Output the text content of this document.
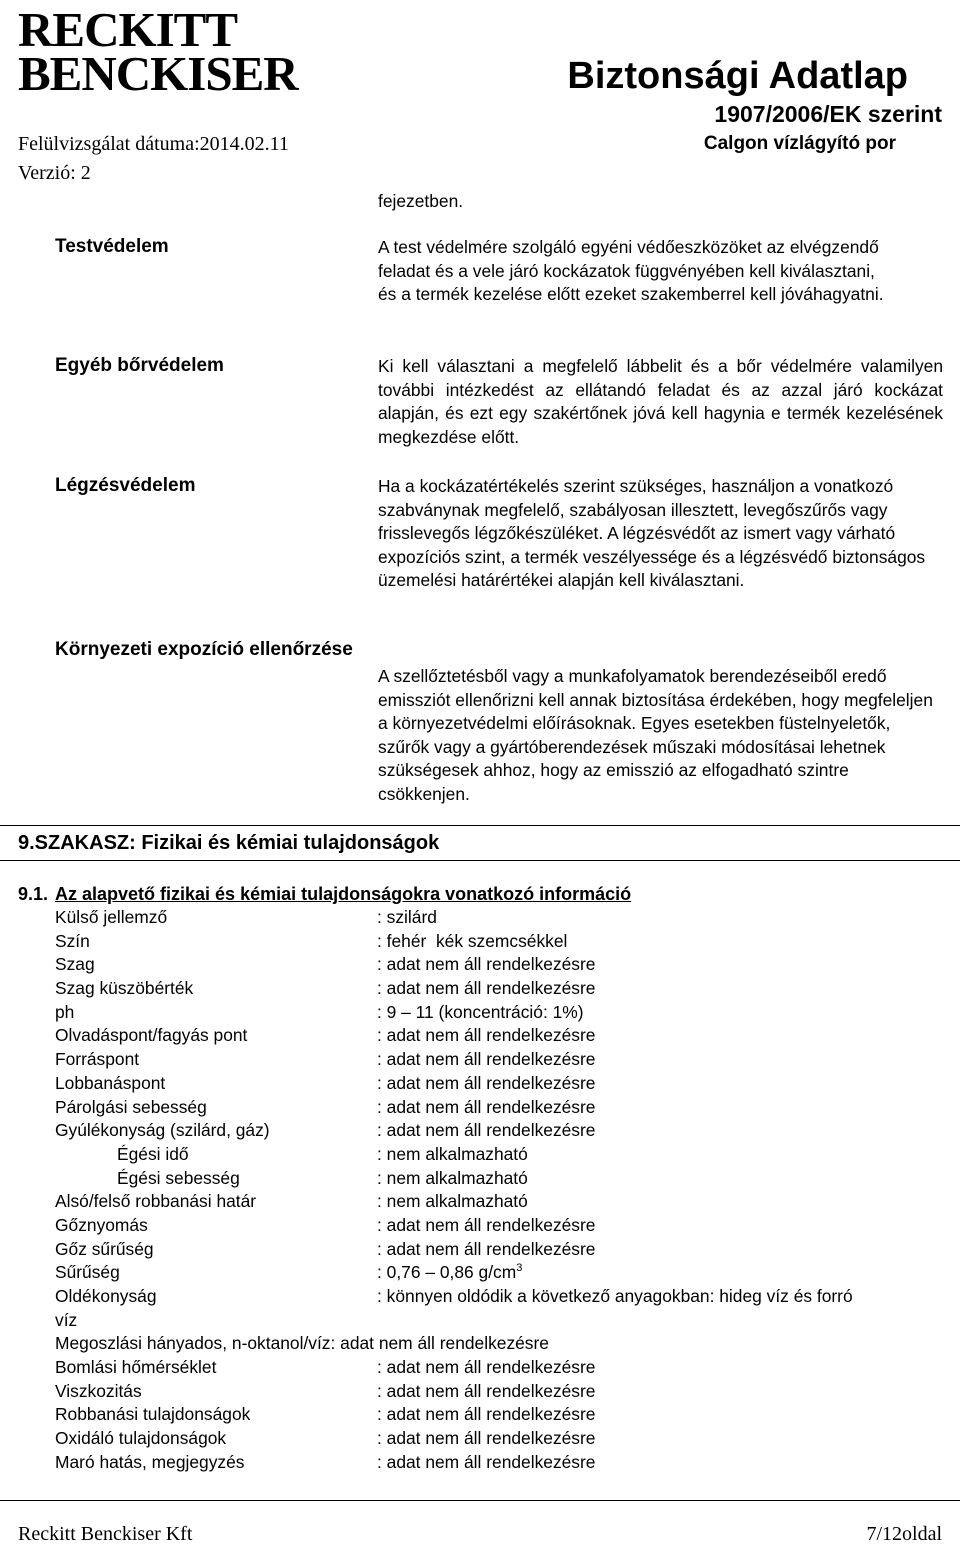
RECKITT
BENCKISER	Biztonsági Adatlap
1907/2006/EK szerint
Calgon vízlágyító por
Felülvizsgálat dátuma:2014.02.11
Verzió: 2
fejezetben.
Testvédelem	A test védelmére szolgáló egyéni védőeszközöket az elvégzendő feladat és a vele járó kockázatok függvényében kell kiválasztani, és a termék kezelése előtt ezeket szakemberrel kell jóváhagyatni.
Egyéb bőrvédelem	Ki kell választani a megfelelő lábbelit és a bőr védelmére valamilyen további intézkedést az ellátandó feladat és az azzal járó kockázat alapján, és ezt egy szakértőnek jóvá kell hagynia e termék kezelésének megkezdése előtt.
Légzésvédelem	Ha a kockázatértékelés szerint szükséges, használjon a vonatkozó szabványnak megfelelő, szabályosan illesztett, levegőszűrős vagy frisslevegős légzőkészüléket. A légzésvédőt az ismert vagy várható expozíciós szint, a termék veszélyessége és a légzésvédő biztonságos üzemelési határértékei alapján kell kiválasztani.
Környezeti expozíció ellenőrzése
A szellőztetésből vagy a munkafolyamatok berendezéseiből eredő emissziót ellenőrizni kell annak biztosítása érdekében, hogy megfeleljen a környezetvédelmi előírásoknak. Egyes esetekben füstelnyeletők, szűrők vagy a gyártóberendezések műszaki módosításai lehetnek szükségesek ahhoz, hogy az emisszió az elfogadható szintre csökkenjen.
9.SZAKASZ: Fizikai és kémiai tulajdonságok
9.1. Az alapvető fizikai és kémiai tulajdonságokra vonatkozó információ
Külső jellemző	: szilárd
Szín	: fehér  kék szemcsékkel
Szag	: adat nem áll rendelkezésre
Szag küszöbérték	: adat nem áll rendelkezésre
ph	: 9 – 11 (koncentráció: 1%)
Olvadáspont/fagyás pont	: adat nem áll rendelkezésre
Forráspont	: adat nem áll rendelkezésre
Lobbanáspont	: adat nem áll rendelkezésre
Párolgási sebesség	: adat nem áll rendelkezésre
Gyúlékonyság (szilárd, gáz)	: adat nem áll rendelkezésre
Égési idő	: nem alkalmazható
Égési sebesség	: nem alkalmazható
Alsó/felső robbanási határ	: nem alkalmazható
Gőznyomás	: adat nem áll rendelkezésre
Gőz sűrűség	: adat nem áll rendelkezésre
Sűrűség	: 0,76 – 0,86 $g/cm^3$
Oldékonyság	: könnyen oldódik a következő anyagokban: hideg víz és forró
víz
Megoszlási hányados, n-oktanol/víz: adat nem áll rendelkezésre
Bomlási hőmérséklet	: adat nem áll rendelkezésre
Viszkozitás	: adat nem áll rendelkezésre
Robbanási tulajdonságok	: adat nem áll rendelkezésre
Oxidáló tulajdonságok	: adat nem áll rendelkezésre
Maró hatás, megjegyzés	: adat nem áll rendelkezésre
Reckitt Benckiser Kft	7/12oldal
